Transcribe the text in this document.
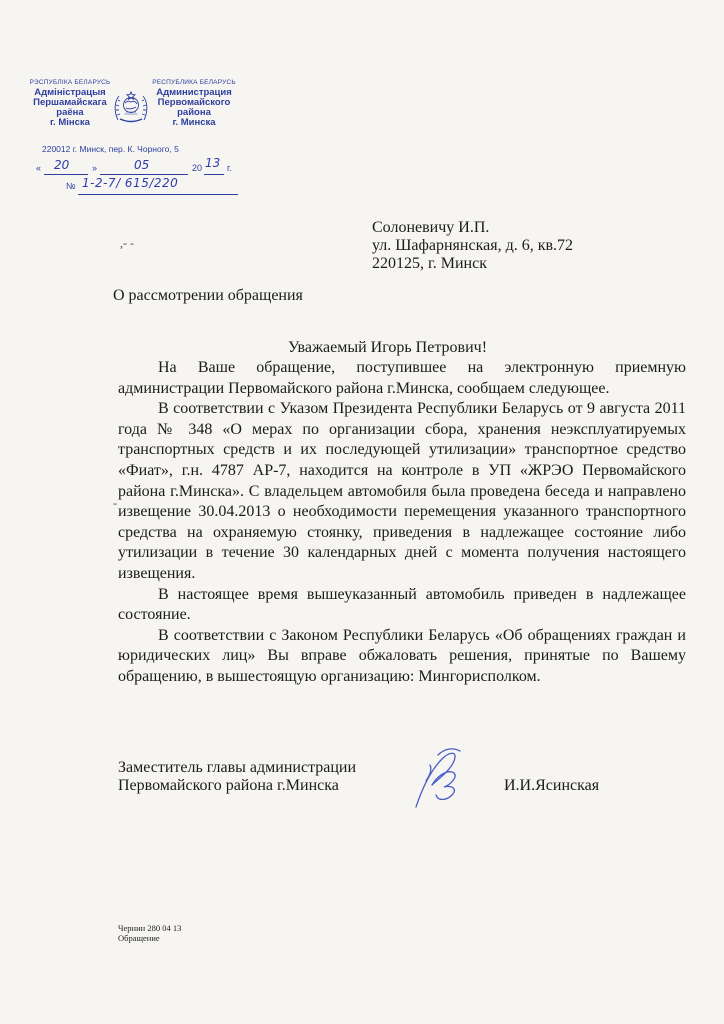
РЭСПУБЛІКА БЕЛАРУСЬ
Адміністрацыя
Першамайскага
раёна
г. Мінска
РЕСПУБЛИКА БЕЛАРУСЬ
Администрация
Первомайского
района
г. Минска
220012 г. Минск, пер. К. Чорного, 5
« 20	»	05	20 13 г.
№ 1-2-7/ 615/220
,- -
-
Солоневичу И.П.
ул. Шафарнянская, д. 6, кв.72
220125, г. Минск
О рассмотрении обращения
Уважаемый Игорь Петрович!

На Ваше обращение, поступившее на электронную приемную администрации Первомайского района г.Минска, сообщаем следующее.

В соответствии с Указом Президента Республики Беларусь от 9 августа 2011 года № 348 «О мерах по организации сбора, хранения неэксплуатируемых транспортных средств и их последующей утилизации» транспортное средство «Фиат», г.н. 4787 АР-7, находится на контроле в УП «ЖРЭО Первомайского района г.Минска». С владельцем автомобиля была проведена беседа и направлено извещение 30.04.2013 о необходимости перемещения указанного транспортного средства на охраняемую стоянку, приведения в надлежащее состояние либо утилизации в течение 30 календарных дней с момента получения настоящего извещения.

В настоящее время вышеуказанный автомобиль приведен в надлежащее состояние.

В соответствии с Законом Республики Беларусь «Об обращениях граждан и юридических лиц» Вы вправе обжаловать решения, принятые по Вашему обращению, в вышестоящую организацию: Мингорисполком.

Заместитель главы администрации
Первомайского района г.Минска	И.И.Ясинская
Чернин 280 04 13
Обращение
